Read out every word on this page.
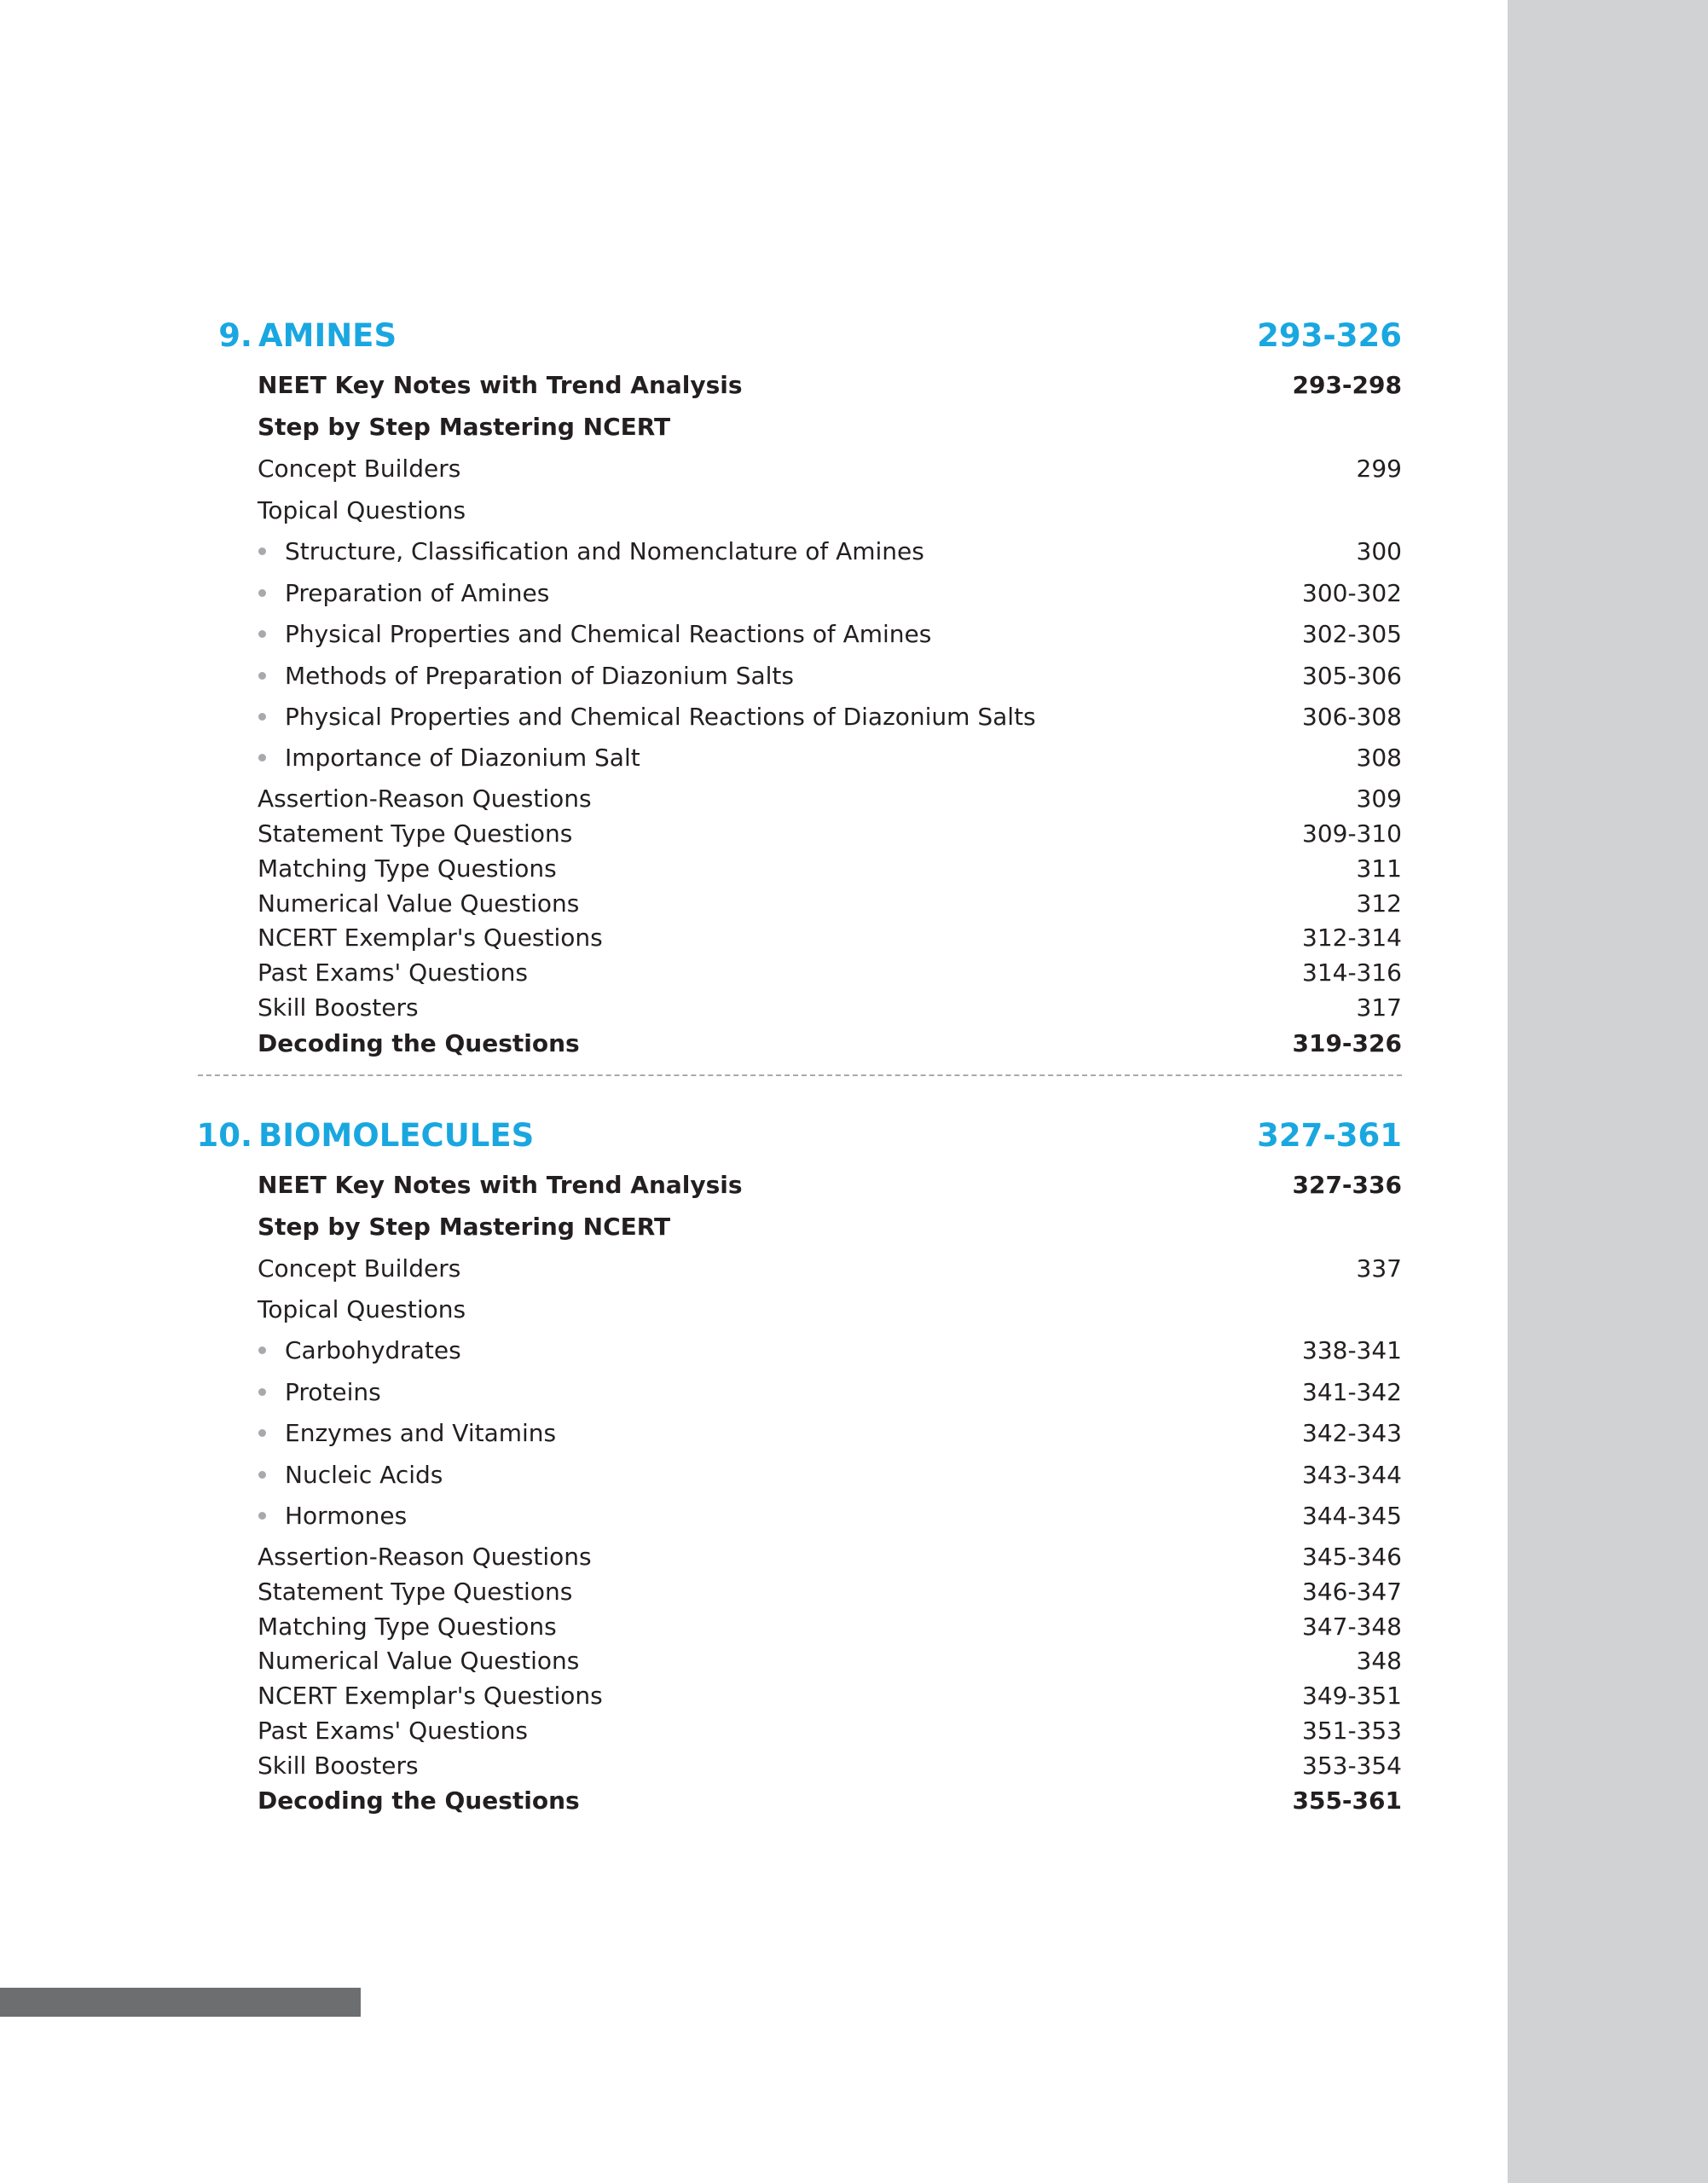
9. AMINES	293-326
NEET Key Notes with Trend Analysis	293-298
Step by Step Mastering NCERT
Concept Builders	299
Topical Questions
Structure, Classification and Nomenclature of Amines	300
Preparation of Amines	300-302
Physical Properties and Chemical Reactions of Amines	302-305
Methods of Preparation of Diazonium Salts	305-306
Physical Properties and Chemical Reactions of Diazonium Salts	306-308
Importance of Diazonium Salt	308
Assertion-Reason Questions	309
Statement Type Questions	309-310
Matching Type Questions	311
Numerical Value Questions	312
NCERT Exemplar's Questions	312-314
Past Exams' Questions	314-316
Skill Boosters	317
Decoding the Questions	319-326
10. BIOMOLECULES	327-361
NEET Key Notes with Trend Analysis	327-336
Step by Step Mastering NCERT
Concept Builders	337
Topical Questions
Carbohydrates	338-341
Proteins	341-342
Enzymes and Vitamins	342-343
Nucleic Acids	343-344
Hormones	344-345
Assertion-Reason Questions	345-346
Statement Type Questions	346-347
Matching Type Questions	347-348
Numerical Value Questions	348
NCERT Exemplar's Questions	349-351
Past Exams' Questions	351-353
Skill Boosters	353-354
Decoding the Questions	355-361
